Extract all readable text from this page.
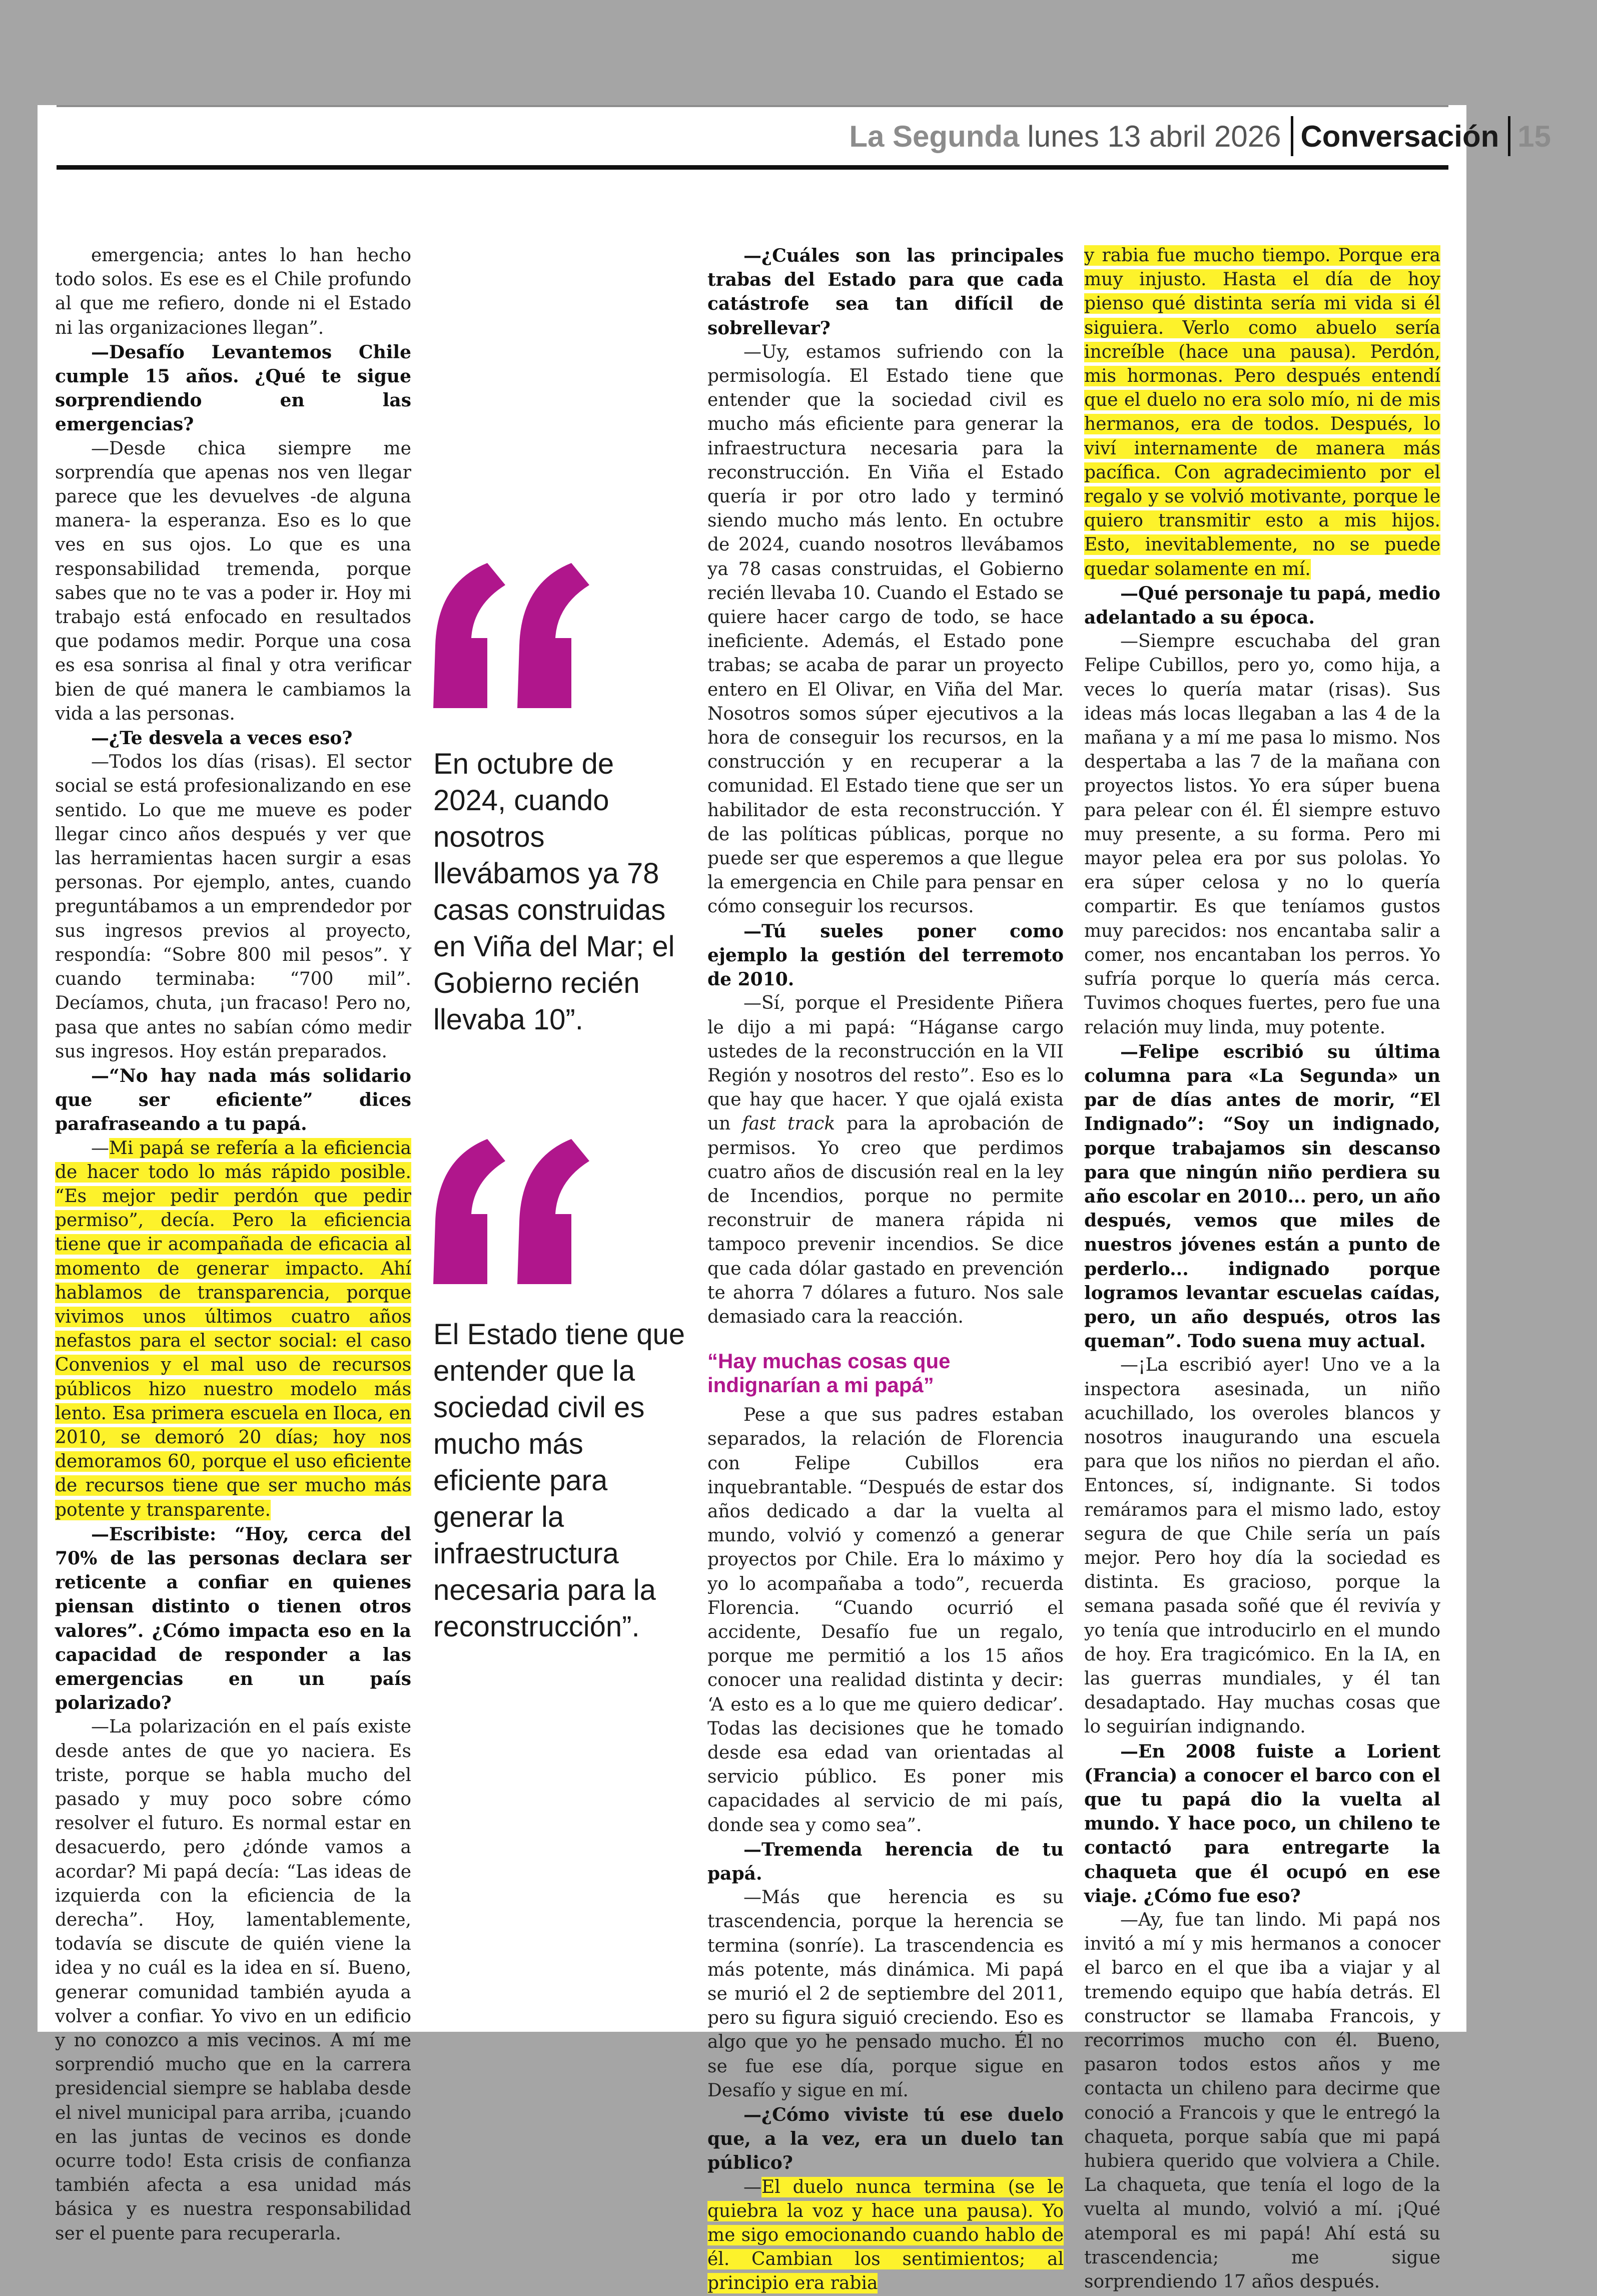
La Segunda lunes 13 abril 2026 Conversación 15

emergencia; antes lo han hecho todo solos. Es ese es el Chile profundo al que me refiero, donde ni el Estado ni las organizaciones llegan”.

—Desafío Levantemos Chile cumple 15 años. ¿Qué te sigue sorprendiendo en las emergencias?

—Desde chica siempre me sorprendía que apenas nos ven llegar parece que les devuelves -de alguna manera- la esperanza. Eso es lo que ves en sus ojos. Lo que es una responsabilidad tremenda, porque sabes que no te vas a poder ir. Hoy mi trabajo está enfocado en resultados que podamos medir. Porque una cosa es esa sonrisa al final y otra verificar bien de qué manera le cambiamos la vida a las personas.

—¿Te desvela a veces eso?

—Todos los días (risas). El sector social se está profesionalizando en ese sentido. Lo que me mueve es poder llegar cinco años después y ver que las herramientas hacen surgir a esas personas. Por ejemplo, antes, cuando preguntábamos a un emprendedor por sus ingresos previos al proyecto, respondía: “Sobre 800 mil pesos”. Y cuando terminaba: “700 mil”. Decíamos, chuta, ¡un fracaso! Pero no, pasa que antes no sabían cómo medir sus ingresos. Hoy están preparados.

—“No hay nada más solidario que ser eficiente” dices parafraseando a tu papá.

—Mi papá se refería a la eficiencia de hacer todo lo más rápido posible. “Es mejor pedir perdón que pedir permiso”, decía. Pero la eficiencia tiene que ir acompañada de eficacia al momento de generar impacto. Ahí hablamos de transparencia, porque vivimos unos últimos cuatro años nefastos para el sector social: el caso Convenios y el mal uso de recursos públicos hizo nuestro modelo más lento. Esa primera escuela en Iloca, en 2010, se demoró 20 días; hoy nos demoramos 60, porque el uso eficiente de recursos tiene que ser mucho más potente y transparente.

—Escribiste: “Hoy, cerca del 70% de las personas declara ser reticente a confiar en quienes piensan distinto o tienen otros valores”. ¿Cómo impacta eso en la capacidad de responder a las emergencias en un país polarizado?

—La polarización en el país existe desde antes de que yo naciera. Es triste, porque se habla mucho del pasado y muy poco sobre cómo resolver el futuro. Es normal estar en desacuerdo, pero ¿dónde vamos a acordar? Mi papá decía: “Las ideas de izquierda con la eficiencia de la derecha”. Hoy, lamentablemente, todavía se discute de quién viene la idea y no cuál es la idea en sí. Bueno, generar comunidad también ayuda a volver a confiar. Yo vivo en un edificio y no conozco a mis vecinos. A mí me sorprendió mucho que en la carrera presidencial siempre se hablaba desde el nivel municipal para arriba, ¡cuando en las juntas de vecinos es donde ocurre todo! Esta crisis de confianza también afecta a esa unidad más básica y es nuestra responsabilidad ser el puente para recuperarla.

En octubre de 2024, cuando nosotros llevábamos ya 78 casas construidas en Viña del Mar; el Gobierno recién llevaba 10”.
El Estado tiene que entender que la sociedad civil es mucho más eficiente para generar la infraestructura necesaria para la reconstrucción”.

—¿Cuáles son las principales trabas del Estado para que cada catástrofe sea tan difícil de sobrellevar?

—Uy, estamos sufriendo con la permisología. El Estado tiene que entender que la sociedad civil es mucho más eficiente para generar la infraestructura necesaria para la reconstrucción. En Viña el Estado quería ir por otro lado y terminó siendo mucho más lento. En octubre de 2024, cuando nosotros llevábamos ya 78 casas construidas, el Gobierno recién llevaba 10. Cuando el Estado se quiere hacer cargo de todo, se hace ineficiente. Además, el Estado pone trabas; se acaba de parar un proyecto entero en El Olivar, en Viña del Mar. Nosotros somos súper ejecutivos a la hora de conseguir los recursos, en la construcción y en recuperar a la comunidad. El Estado tiene que ser un habilitador de esta reconstrucción. Y de las políticas públicas, porque no puede ser que esperemos a que llegue la emergencia en Chile para pensar en cómo conseguir los recursos.

—Tú sueles poner como ejemplo la gestión del terremoto de 2010.

—Sí, porque el Presidente Piñera le dijo a mi papá: “Háganse cargo ustedes de la reconstrucción en la VII Región y nosotros del resto”. Eso es lo que hay que hacer. Y que ojalá exista un fast track para la aprobación de permisos. Yo creo que perdimos cuatro años de discusión real en la ley de Incendios, porque no permite reconstruir de manera rápida ni tampoco prevenir incendios. Se dice que cada dólar gastado en prevención te ahorra 7 dólares a futuro. Nos sale demasiado cara la reacción.

“Hay muchas cosas que indignarían a mi papá”

Pese a que sus padres estaban separados, la relación de Florencia con Felipe Cubillos era inquebrantable. “Después de estar dos años dedicado a dar la vuelta al mundo, volvió y comenzó a generar proyectos por Chile. Era lo máximo y yo lo acompañaba a todo”, recuerda Florencia. “Cuando ocurrió el accidente, Desafío fue un regalo, porque me permitió a los 15 años conocer una realidad distinta y decir: ‘A esto es a lo que me quiero dedicar’. Todas las decisiones que he tomado desde esa edad van orientadas al servicio público. Es poner mis capacidades al servicio de mi país, donde sea y como sea”.

—Tremenda herencia de tu papá.

—Más que herencia es su trascendencia, porque la herencia se termina (sonríe). La trascendencia es más potente, más dinámica. Mi papá se murió el 2 de septiembre del 2011, pero su figura siguió creciendo. Eso es algo que yo he pensado mucho. Él no se fue ese día, porque sigue en Desafío y sigue en mí.

—¿Cómo viviste tú ese duelo que, a la vez, era un duelo tan público?

—El duelo nunca termina (se le quiebra la voz y hace una pausa). Yo me sigo emocionando cuando hablo de él. Cambian los sentimientos; al principio era rabia

y rabia fue mucho tiempo. Porque era muy injusto. Hasta el día de hoy pienso qué distinta sería mi vida si él siguiera. Verlo como abuelo sería increíble (hace una pausa). Perdón, mis hormonas. Pero después entendí que el duelo no era solo mío, ni de mis hermanos, era de todos. Después, lo viví internamente de manera más pacífica. Con agradecimiento por el regalo y se volvió motivante, porque le quiero transmitir esto a mis hijos. Esto, inevitablemente, no se puede quedar solamente en mí.

—Qué personaje tu papá, medio adelantado a su época.

—Siempre escuchaba del gran Felipe Cubillos, pero yo, como hija, a veces lo quería matar (risas). Sus ideas más locas llegaban a las 4 de la mañana y a mí me pasa lo mismo. Nos despertaba a las 7 de la mañana con proyectos listos. Yo era súper buena para pelear con él. Él siempre estuvo muy presente, a su forma. Pero mi mayor pelea era por sus pololas. Yo era súper celosa y no lo quería compartir. Es que teníamos gustos muy parecidos: nos encantaba salir a comer, nos encantaban los perros. Yo sufría porque lo quería más cerca. Tuvimos choques fuertes, pero fue una relación muy linda, muy potente.

—Felipe escribió su última columna para «La Segunda» un par de días antes de morir, “El Indignado”: “Soy un indignado, porque trabajamos sin descanso para que ningún niño perdiera su año escolar en 2010... pero, un año después, vemos que miles de nuestros jóvenes están a punto de perderlo... indignado porque logramos levantar escuelas caídas, pero, un año después, otros las queman”. Todo suena muy actual.

—¡La escribió ayer! Uno ve a la inspectora asesinada, un niño acuchillado, los overoles blancos y nosotros inaugurando una escuela para que los niños no pierdan el año. Entonces, sí, indignante. Si todos remáramos para el mismo lado, estoy segura de que Chile sería un país mejor. Pero hoy día la sociedad es distinta. Es gracioso, porque la semana pasada soñé que él revivía y yo tenía que introducirlo en el mundo de hoy. Era tragicómico. En la IA, en las guerras mundiales, y él tan desadaptado. Hay muchas cosas que lo seguirían indignando.

—En 2008 fuiste a Lorient (Francia) a conocer el barco con el que tu papá dio la vuelta al mundo. Y hace poco, un chileno te contactó para entregarte la chaqueta que él ocupó en ese viaje. ¿Cómo fue eso?

—Ay, fue tan lindo. Mi papá nos invitó a mí y mis hermanos a conocer el barco en el que iba a viajar y al tremendo equipo que había detrás. El constructor se llamaba Francois, y recorrimos mucho con él. Bueno, pasaron todos estos años y me contacta un chileno para decirme que conoció a Francois y que le entregó la chaqueta, porque sabía que mi papá hubiera querido que volviera a Chile. La chaqueta, que tenía el logo de la vuelta al mundo, volvió a mí. ¡Qué atemporal es mi papá! Ahí está su trascendencia; me sigue sorprendiendo 17 años después.
